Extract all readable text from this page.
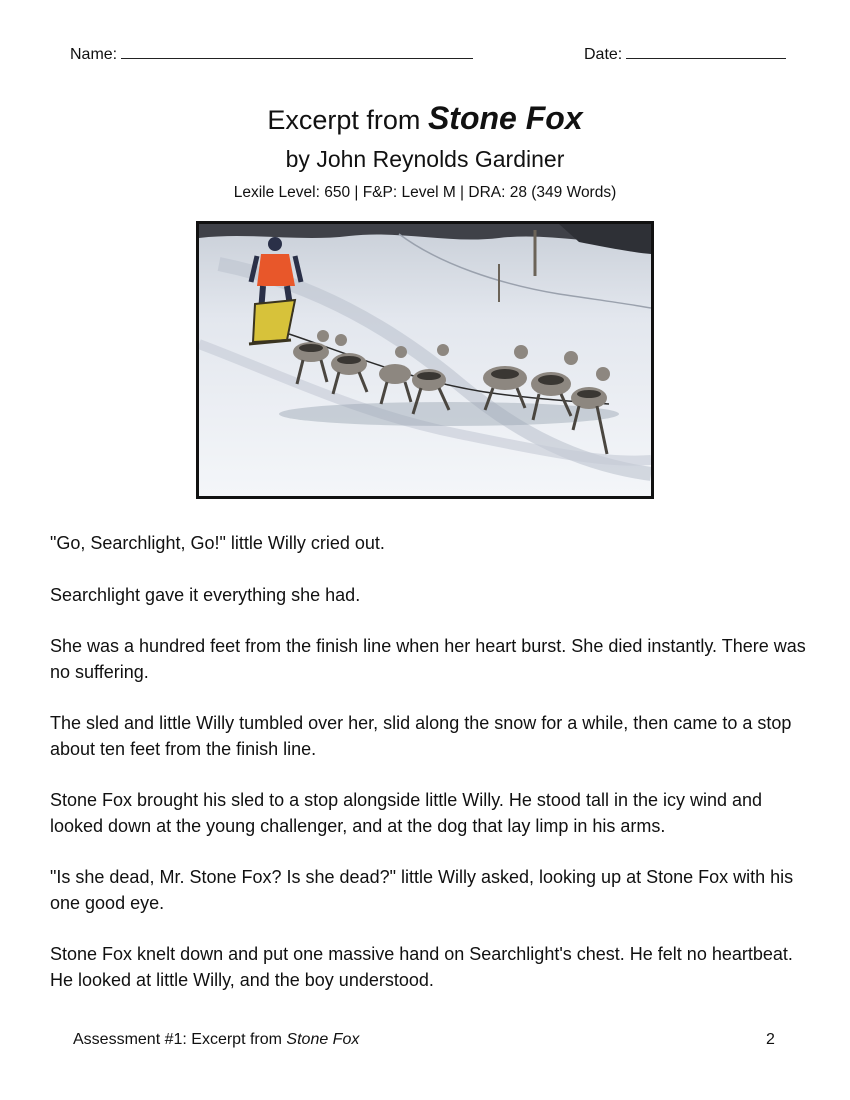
Name:	Date:
Excerpt from Stone Fox
by John Reynolds Gardiner
Lexile Level: 650 | F&P: Level M | DRA: 28 (349 Words)

"Go, Searchlight, Go!" little Willy cried out.

Searchlight gave it everything she had.

She was a hundred feet from the finish line when her heart burst. She died instantly. There was no suffering.

The sled and little Willy tumbled over her, slid along the snow for a while, then came to a stop about ten feet from the finish line.

Stone Fox brought his sled to a stop alongside little Willy. He stood tall in the icy wind and looked down at the young challenger, and at the dog that lay limp in his arms.

"Is she dead, Mr. Stone Fox? Is she dead?" little Willy asked, looking up at Stone Fox with his one good eye.

Stone Fox knelt down and put one massive hand on Searchlight's chest. He felt no heartbeat. He looked at little Willy, and the boy understood.

Assessment #1: Excerpt from Stone Fox	2
